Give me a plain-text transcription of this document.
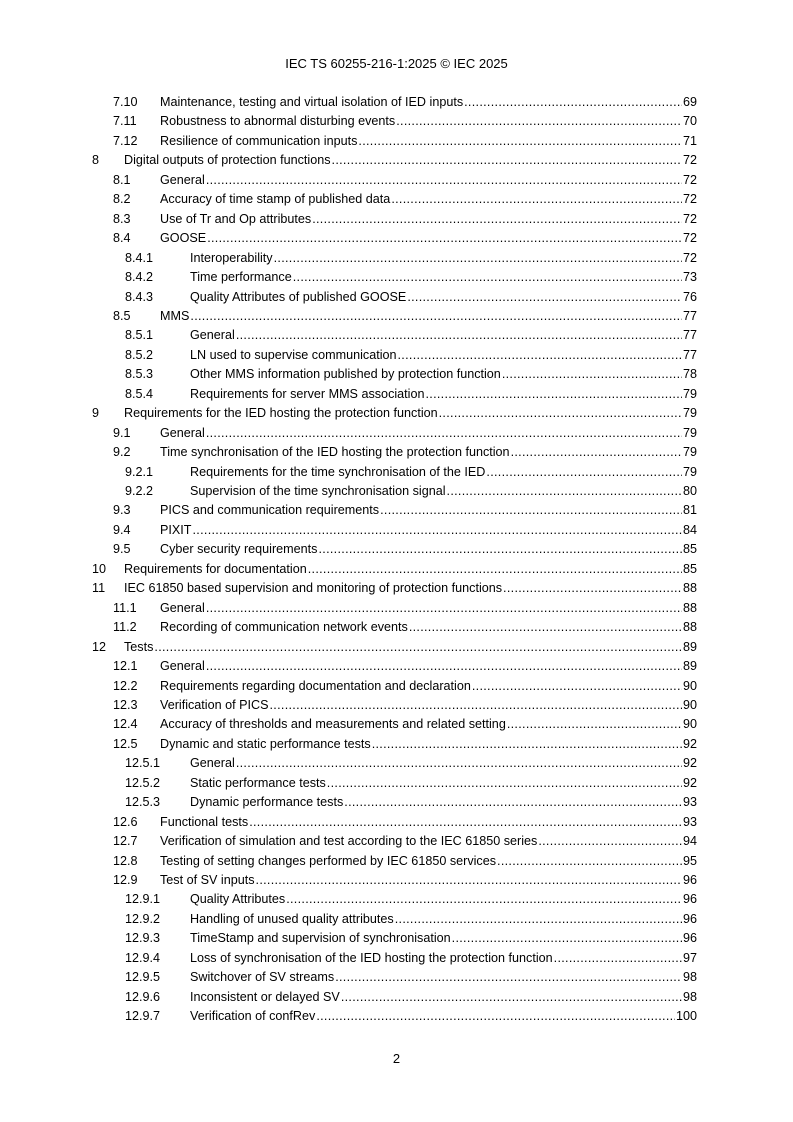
IEC TS 60255-216-1:2025 © IEC 2025
7.10 Maintenance, testing and virtual isolation of IED inputs .....	69
7.11 Robustness to abnormal disturbing events .....	70
7.12 Resilience of communication inputs .....	71
8 Digital outputs of protection functions .....	72
8.1 General .....	72
8.2 Accuracy of time stamp of published data .....	72
8.3 Use of Tr and Op attributes .....	72
8.4 GOOSE .....	72
8.4.1	Interoperability .....	72
8.4.2	Time performance .....	73
8.4.3	Quality Attributes of published GOOSE .....	76
8.5 MMS .....	77
8.5.1	General .....	77
8.5.2	LN used to supervise communication .....	77
8.5.3	Other MMS information published by protection function .....	78
8.5.4	Requirements for server MMS association .....	79
9 Requirements for the IED hosting the protection function .....	79
9.1 General .....	79
9.2 Time synchronisation of the IED hosting the protection function .....	79
9.2.1	Requirements for the time synchronisation of the IED .....	79
9.2.2	Supervision of the time synchronisation signal .....	80
9.3 PICS and communication requirements .....	81
9.4 PIXIT .....	84
9.5 Cyber security requirements .....	85
10 Requirements for documentation .....	85
11 IEC 61850 based supervision and monitoring of protection functions .....	88
11.1 General .....	88
11.2 Recording of communication network events .....	88
12 Tests .....	89
12.1 General .....	89
12.2 Requirements regarding documentation and declaration .....	90
12.3 Verification of PICS .....	90
12.4 Accuracy of thresholds and measurements and related setting .....	90
12.5 Dynamic and static performance tests .....	92
12.5.1 General .....	92
12.5.2 Static performance tests .....	92
12.5.3 Dynamic performance tests .....	93
12.6 Functional tests .....	93
12.7 Verification of simulation and test according to the IEC 61850 series .....	94
12.8 Testing of setting changes performed by IEC 61850 services .....	95
12.9 Test of SV inputs .....	96
12.9.1 Quality Attributes .....	96
12.9.2 Handling of unused quality attributes .....	96
12.9.3 TimeStamp and supervision of synchronisation .....	96
12.9.4 Loss of synchronisation of the IED hosting the protection function .....	97
12.9.5 Switchover of SV streams .....	98
12.9.6 Inconsistent or delayed SV .....	98
12.9.7 Verification of confRev .....	100
2
